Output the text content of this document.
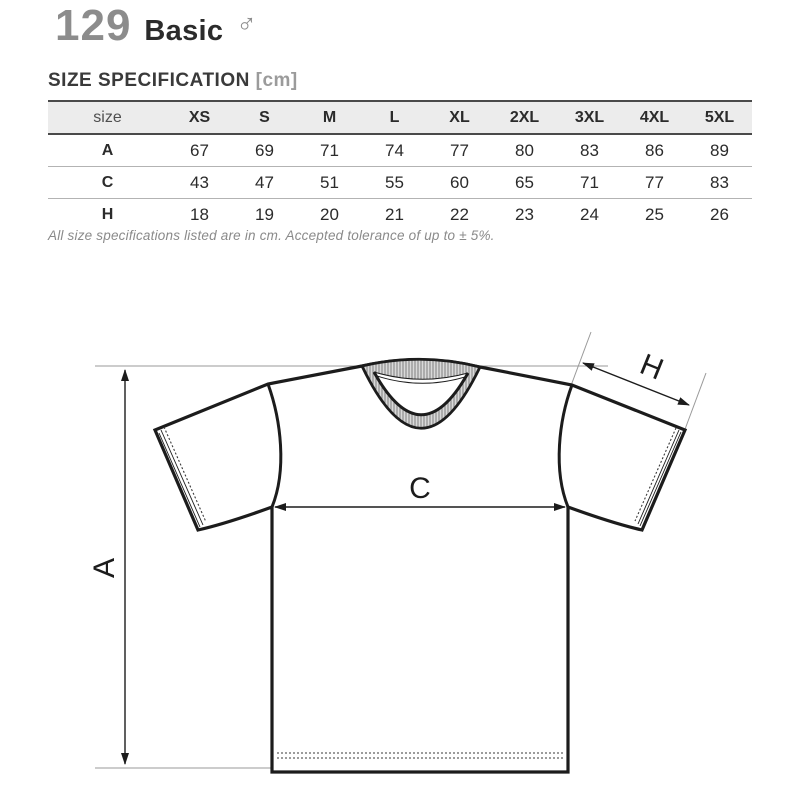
129 Basic ♂
SIZE SPECIFICATION [cm]
size	XS	S	M	L	XL	2XL	3XL	4XL	5XL
A	67	69	71	74	77	80	83	86	89
C	43	47	51	55	60	65	71	77	83
H	18	19	20	21	22	23	24	25	26
All size specifications listed are in cm. Accepted tolerance of up to ± 5%.
C
A
H
